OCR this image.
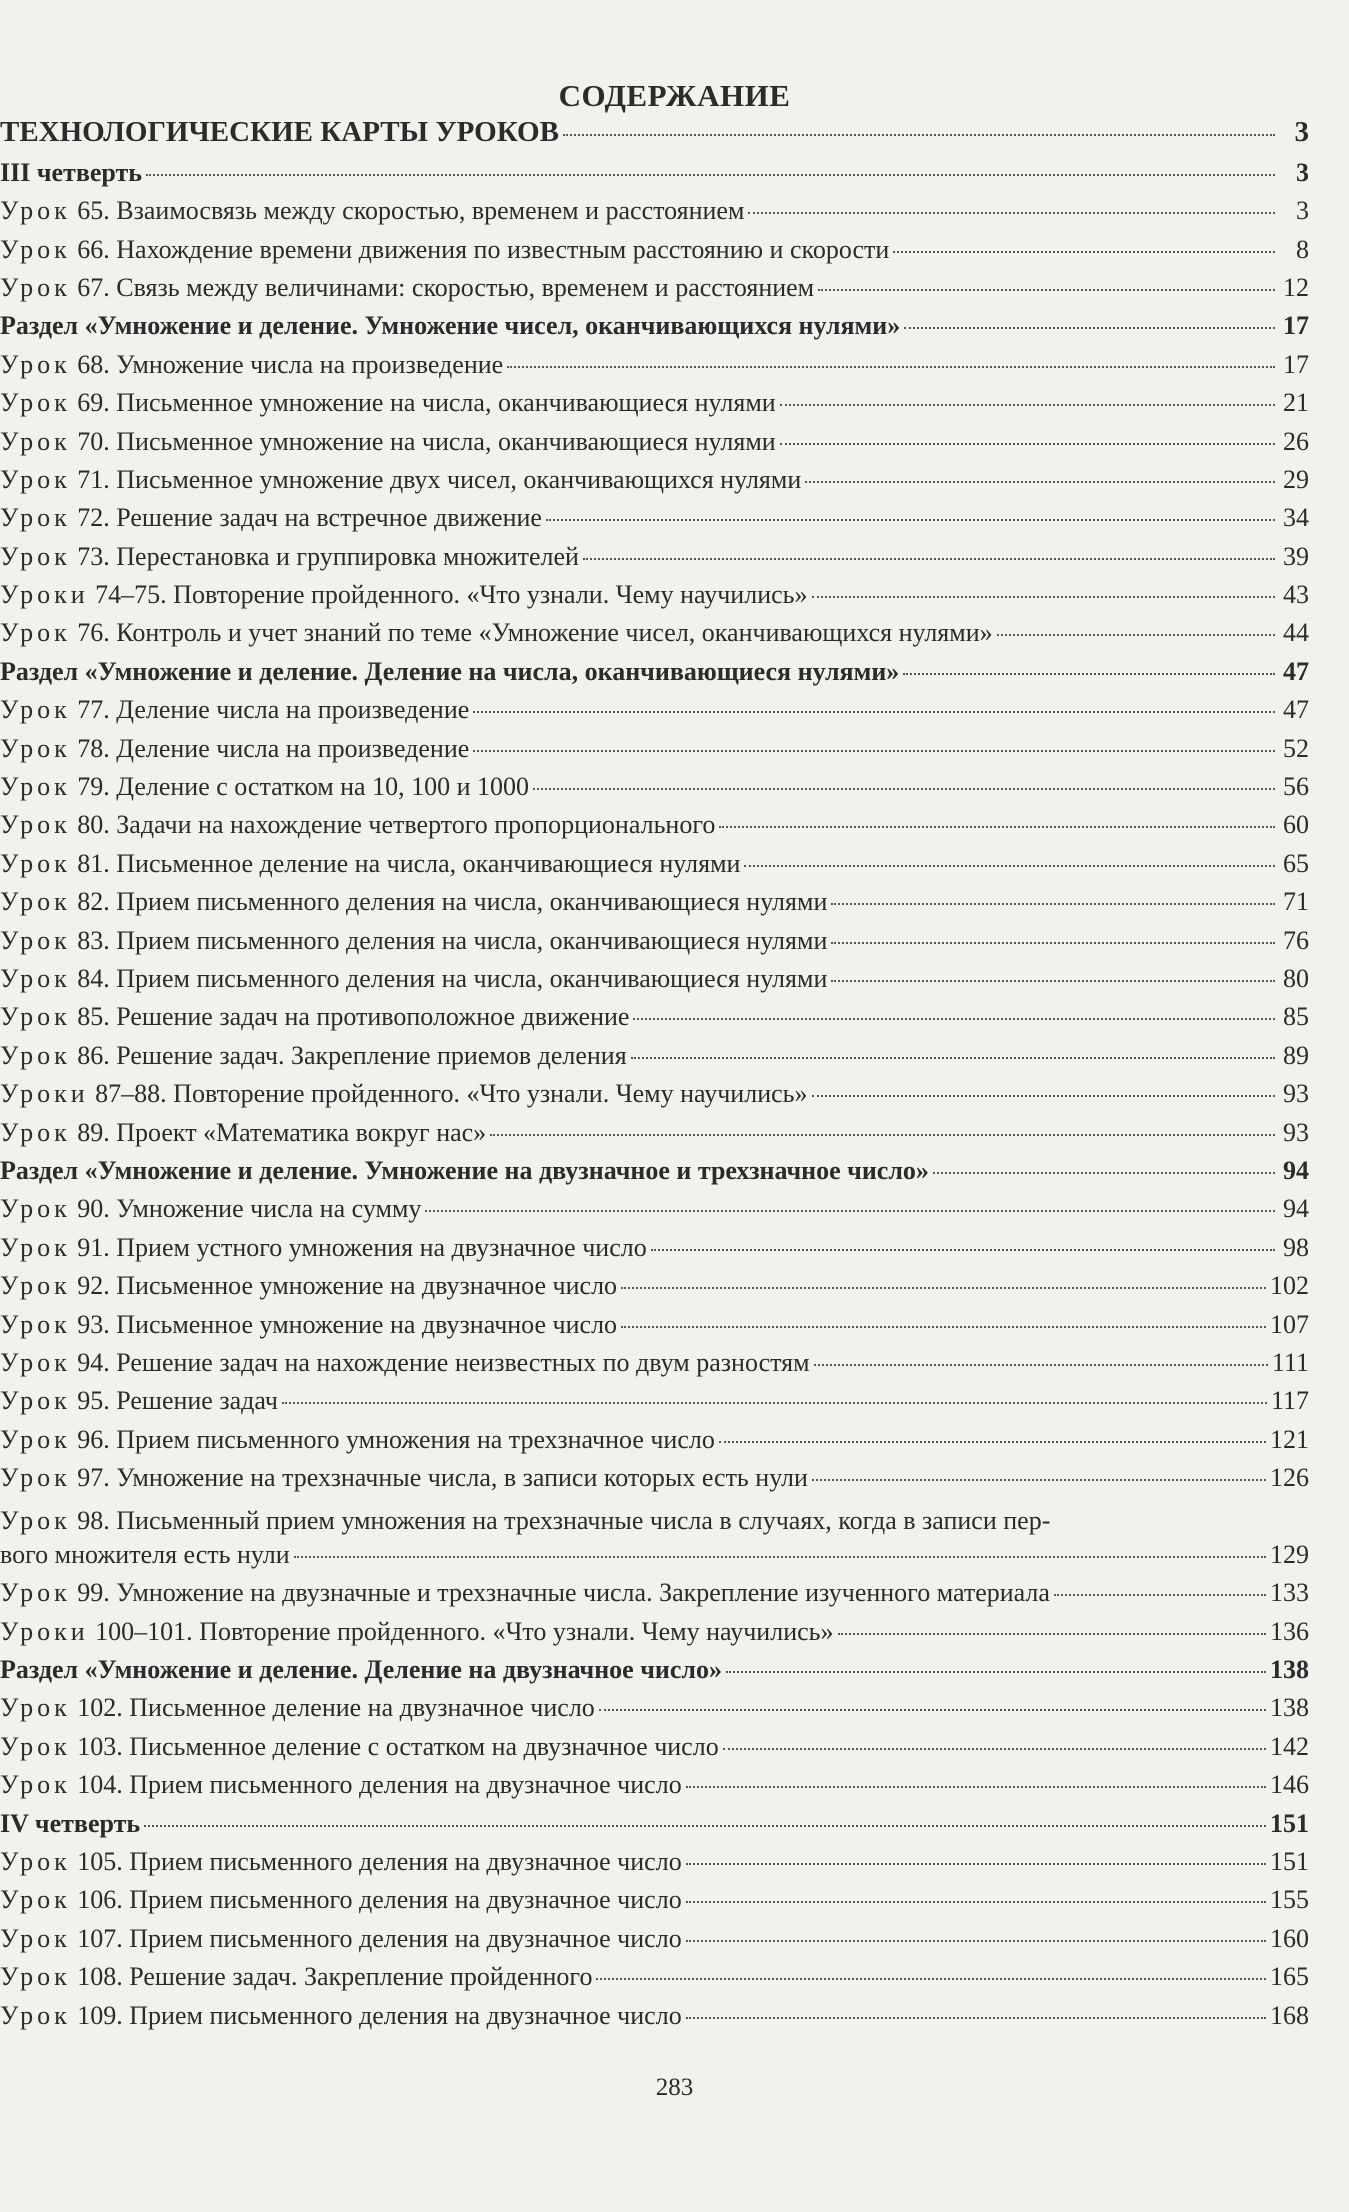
СОДЕРЖАНИЕ
ТЕХНОЛОГИЧЕСКИЕ КАРТЫ УРОКОВ	3
III четверть	3
Урок 65. Взаимосвязь между скоростью, временем и расстоянием	3
Урок 66. Нахождение времени движения по известным расстоянию и скорости	8
Урок 67. Связь между величинами: скоростью, временем и расстоянием	12
Раздел «Умножение и деление. Умножение чисел, оканчивающихся нулями»	17
Урок 68. Умножение числа на произведение	17
Урок 69. Письменное умножение на числа, оканчивающиеся нулями	21
Урок 70. Письменное умножение на числа, оканчивающиеся нулями	26
Урок 71. Письменное умножение двух чисел, оканчивающихся нулями	29
Урок 72. Решение задач на встречное движение	34
Урок 73. Перестановка и группировка множителей	39
Уроки 74–75. Повторение пройденного. «Что узнали. Чему научились»	43
Урок 76. Контроль и учет знаний по теме «Умножение чисел, оканчивающихся нулями»	44
Раздел «Умножение и деление. Деление на числа, оканчивающиеся нулями»	47
Урок 77. Деление числа на произведение	47
Урок 78. Деление числа на произведение	52
Урок 79. Деление с остатком на 10, 100 и 1000	56
Урок 80. Задачи на нахождение четвертого пропорционального	60
Урок 81. Письменное деление на числа, оканчивающиеся нулями	65
Урок 82. Прием письменного деления на числа, оканчивающиеся нулями	71
Урок 83. Прием письменного деления на числа, оканчивающиеся нулями	76
Урок 84. Прием письменного деления на числа, оканчивающиеся нулями	80
Урок 85. Решение задач на противоположное движение	85
Урок 86. Решение задач. Закрепление приемов деления	89
Уроки 87–88. Повторение пройденного. «Что узнали. Чему научились»	93
Урок 89. Проект «Математика вокруг нас»	93
Раздел «Умножение и деление. Умножение на двузначное и трехзначное число»	94
Урок 90. Умножение числа на сумму	94
Урок 91. Прием устного умножения на двузначное число	98
Урок 92. Письменное умножение на двузначное число	102
Урок 93. Письменное умножение на двузначное число	107
Урок 94. Решение задач на нахождение неизвестных по двум разностям	111
Урок 95. Решение задач	117
Урок 96. Прием письменного умножения на трехзначное число	121
Урок 97. Умножение на трехзначные числа, в записи которых есть нули	126
Урок 98. Письменный прием умножения на трехзначные числа в случаях, когда в записи пер-
вого множителя есть нули	129
Урок 99. Умножение на двузначные и трехзначные числа. Закрепление изученного материала	133
Уроки 100–101. Повторение пройденного. «Что узнали. Чему научились»	136
Раздел «Умножение и деление. Деление на двузначное число»	138
Урок 102. Письменное деление на двузначное число	138
Урок 103. Письменное деление с остатком на двузначное число	142
Урок 104. Прием письменного деления на двузначное число	146
IV четверть	151
Урок 105. Прием письменного деления на двузначное число	151
Урок 106. Прием письменного деления на двузначное число	155
Урок 107. Прием письменного деления на двузначное число	160
Урок 108. Решение задач. Закрепление пройденного	165
Урок 109. Прием письменного деления на двузначное число	168
283
